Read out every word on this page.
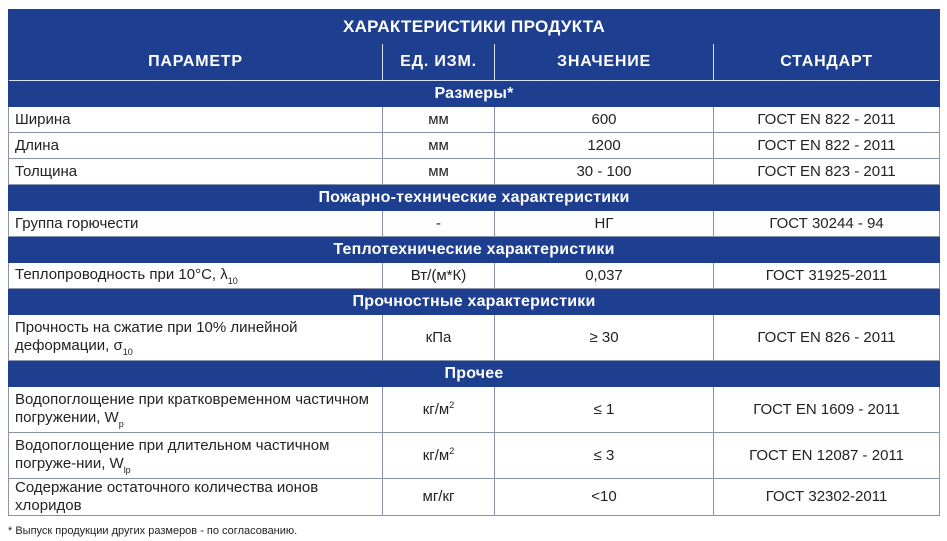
ХАРАКТЕРИСТИКИ ПРОДУКТА			
ПАРАМЕТР	ЕД. ИЗМ.	ЗНАЧЕНИЕ	СТАНДАРТ
Размеры*			
Ширина	мм	600	ГОСТ EN 822 - 2011
Длина	мм	1200	ГОСТ EN 822 - 2011
Толщина	мм	30 - 100	ГОСТ EN 823 - 2011
Пожарно-технические характеристики			
Группа горючести	-	НГ	ГОСТ 30244 - 94
Теплотехнические характеристики			
Теплопроводность при 10°С, $\lambda_{10}$	Вт/(м*К)	0,037	ГОСТ 31925-2011
Прочностные характеристики			
Прочность на сжатие при 10% линейной деформации, $\sigma_{10}$	кПа	≥ 30	ГОСТ EN 826 - 2011
Прочее			
Водопоглощение при кратковременном частичном погружении, $W_p$	$кг/м^2$	≤ 1	ГОСТ EN 1609 - 2011
Водопоглощение при длительном частичном погруже-нии, $W_{lp}$	$кг/м^2$	≤ 3	ГОСТ EN 12087 - 2011
Содержание остаточного количества ионов хлоридов	мг/кг	<10	ГОСТ 32302-2011
* Выпуск продукции других размеров - по согласованию.
